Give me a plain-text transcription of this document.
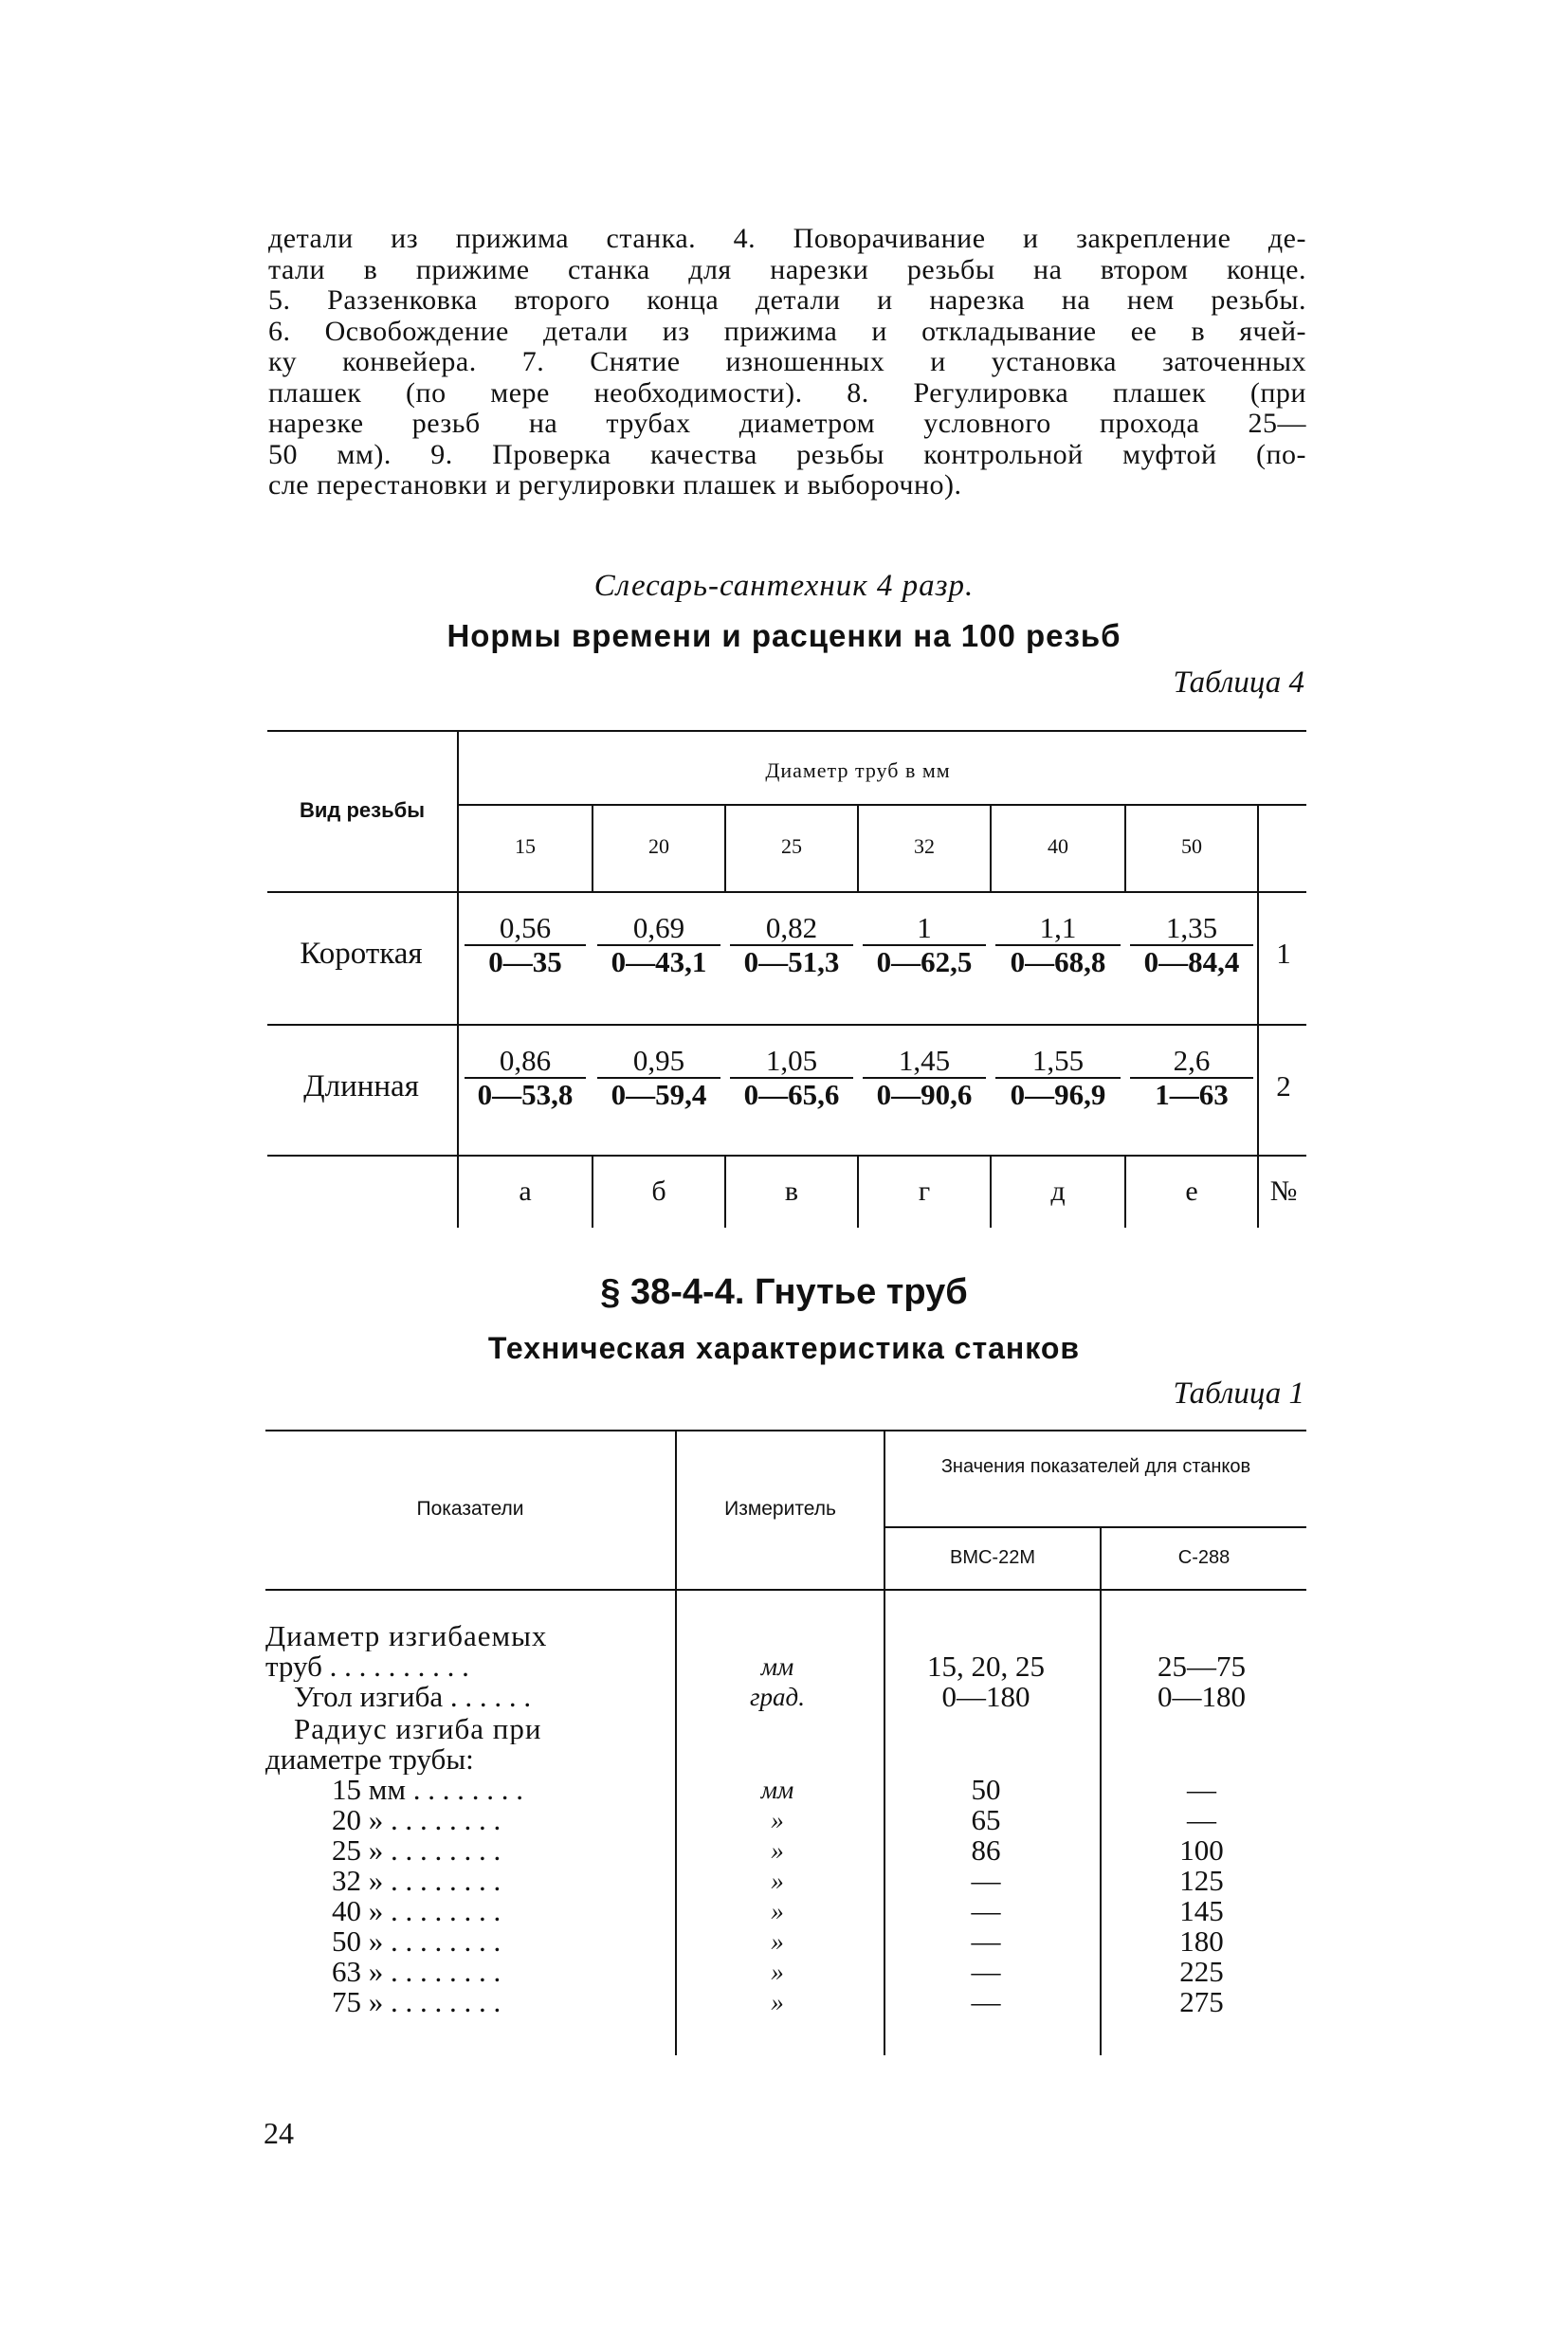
детали из прижима станка. 4. Поворачивание и закрепление де-
тали в прижиме станка для нарезки резьбы на втором конце.
5. Раззенковка второго конца детали и нарезка на нем резьбы.
6. Освобождение детали из прижима и откладывание ее в ячей-
ку конвейера. 7. Снятие изношенных и установка заточенных
плашек (по мере необходимости). 8. Регулировка плашек (при
нарезке резьб на трубах диаметром условного прохода 25—
50 мм). 9. Проверка качества резьбы контрольной муфтой (по-
сле перестановки и регулировки плашек и выборочно).
Слесарь-сантехник 4 разр.
Нормы времени и расценки на 100 резьб
Таблица 4
Вид резьбы
Диаметр труб в мм
15	20	25	32	40	50
Короткая	$\frac{0,56}{0—35} \frac{0,69}{0—43,1} \frac{0,82}{0—51,3} \frac{1}{0—62,5} \frac{1,1}{0—68,8} \frac{1,35}{0—84,4} 1$
Длинная	$\frac{0,86}{0—53,8} \frac{0,95}{0—59,4} \frac{1,05}{0—65,6} \frac{1,45}{0—90,6} \frac{1,55}{0—96,9} \frac{2,6}{1—63} 2$
а	б	в	г	д	е	№
§ 38-4-4. Гнутье труб
Техническая характеристика станков
Таблица 1
Показатели	Измеритель
Значения показателей для станков
ВМС-22М	С-288
Диаметр изгибаемых
труб . . . . . . . . . .	мм	15, 20, 25	25—75
Угол изгиба . . . . . .	град.	0—180	0—180
Радиус изгиба при
диаметре трубы:
15 мм . . . . . . . .	мм	50	—
20 » . . . . . . . .	»	65	—
25 » . . . . . . . .	»	86	100
32 » . . . . . . . .	»	—	125
40 » . . . . . . . .	»	—	145
50 » . . . . . . . .	»	—	180
63 » . . . . . . . .	»	—	225
75 » . . . . . . . .	»	—	275
24
